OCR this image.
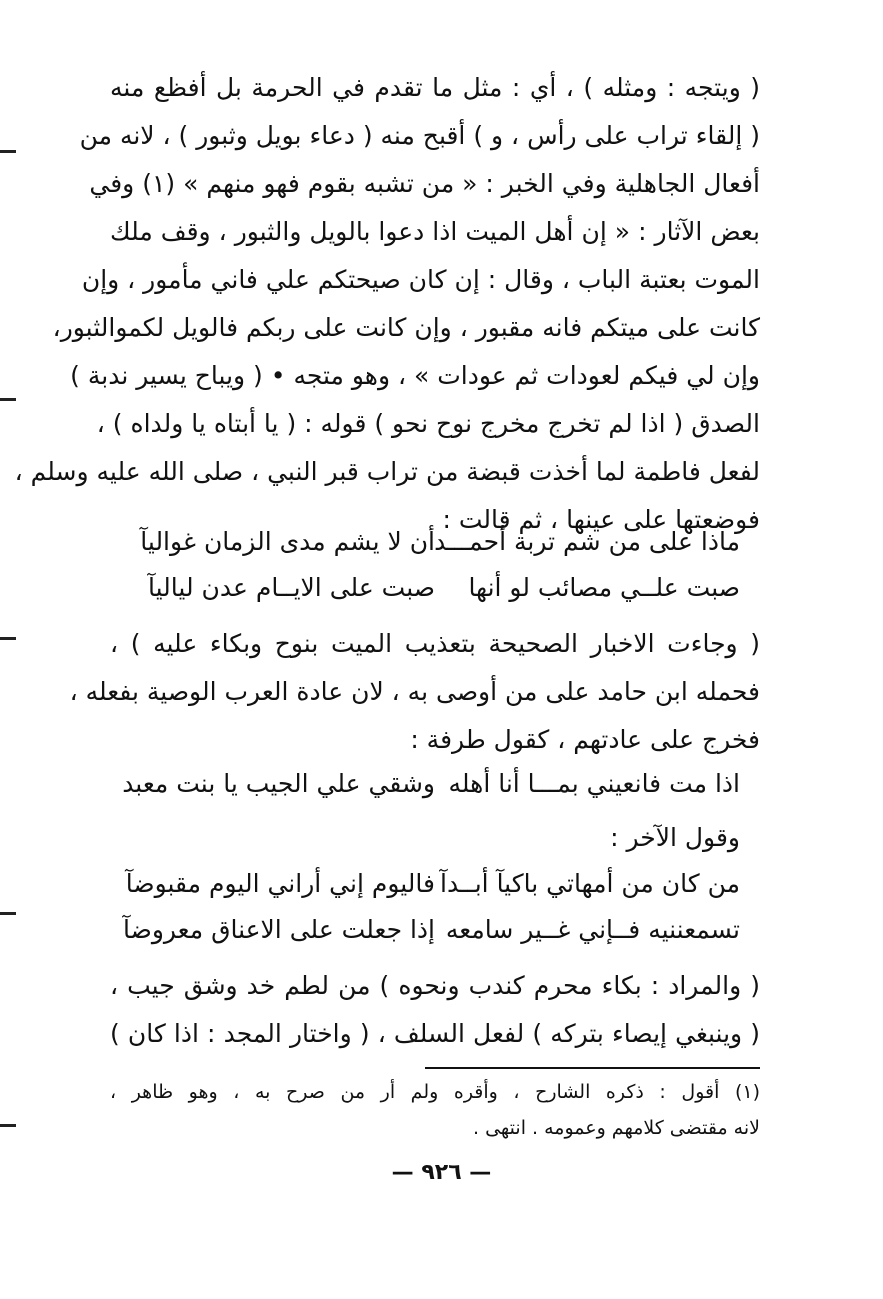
( ويتجه : ومثله ) ، أي : مثل ما تقدم في الحرمة بل أفظع منه
( إلقاء تراب على رأس ، و ) أقبح منه ( دعاء بويل وثبور ) ، لانه من
أفعال الجاهلية وفي الخبر : « من تشبه بقوم فهو منهم » (١) وفي
بعض الآثار : « إن أهل الميت اذا دعوا بالويل والثبور ، وقف ملك
الموت بعتبة الباب ، وقال : إن كان صيحتكم علي فاني مأمور ، وإن
كانت على ميتكم فانه مقبور ، وإن كانت على ربكم فالويل لكموالثبور،
وإن لي فيكم لعودات ثم عودات » ، وهو متجه • ( ويباح يسير ندبة )
الصدق ( اذا لم تخرج مخرج نوح نحو ) قوله : ( يا أبتاه يا ولداه ) ،
لفعل فاطمة لما أخذت قبضة من تراب قبر النبي ، صلى الله عليه وسلم ،
فوضعتها على عينها ، ثم قالت :
ماذا على من شم تربة أحمـــد
أن لا يشم مدى الزمان غواليآ
صبت علــي مصائب لو أنها
صبت على الايــام عدن لياليآ
( وجاءت الاخبار الصحيحة بتعذيب الميت بنوح وبكاء عليه ) ،
فحمله ابن حامد على من أوصى به ، لان عادة العرب الوصية بفعله ،
فخرج على عادتهم ، كقول طرفة :
اذا مت فانعيني بمـــا أنا أهله
وشقي علي الجيب يا بنت معبد
وقول الآخر :
من كان من أمهاتي باكيآ أبــدآ
فاليوم إني أراني اليوم مقبوضآ
تسمعننيه فــإني غــير سامعه
إذا جعلت على الاعناق معروضآ
( والمراد : بكاء محرم كندب ونحوه ) من لطم خد وشق جيب ،
( وينبغي إيصاء بتركه ) لفعل السلف ، ( واختار المجد : اذا كان )
(١) أقول : ذكره الشارح ، وأقره ولم أر من صرح به ، وهو ظاهر ،
لانه مقتضى كلامهم وعمومه . انتهى .
— ٩٢٦ —
